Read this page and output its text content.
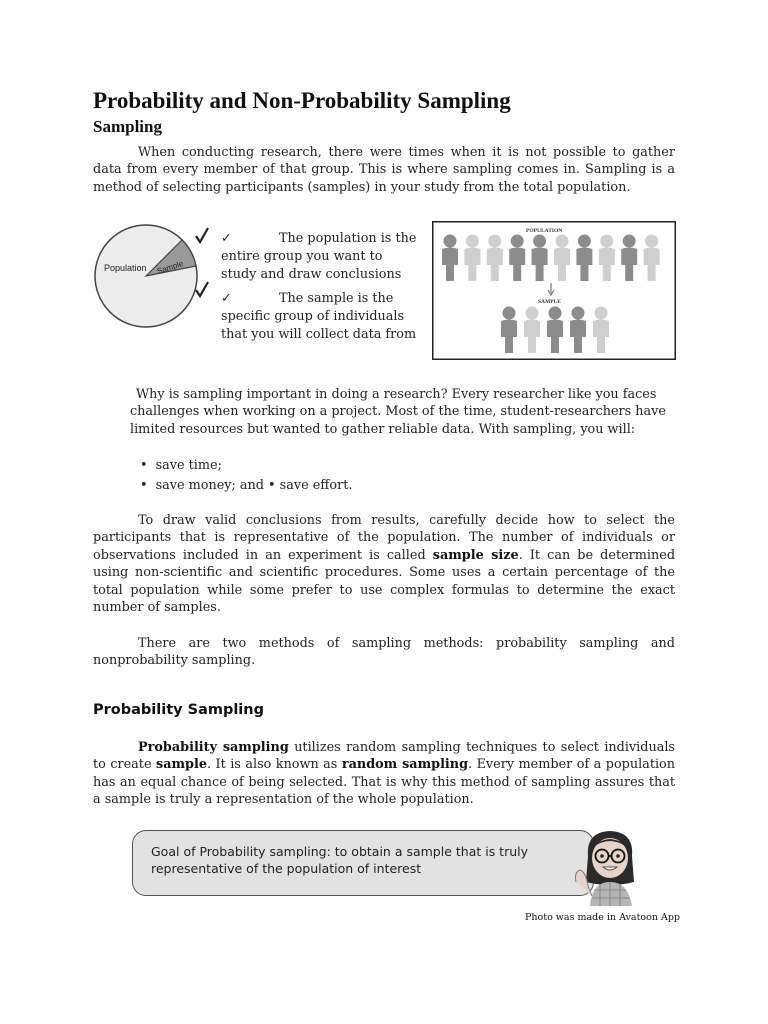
Probability and Non-Probability Sampling
Sampling

When conducting research, there were times when it is not possible to gather data from every member of that group. This is where sampling comes in. Sampling is a method of selecting participants (samples) in your study from the total population.

Population Sample

✓	The population is the entire group you want to study and draw conclusions

✓	The sample is the specific group of individuals that you will collect data from

POPULATION
SAMPLE

Why is sampling important in doing a research? Every researcher like you faces challenges when working on a project. Most of the time, student-researchers have limited resources but wanted to gather reliable data. With sampling, you will:

• save time;
• save money; and • save effort.

To draw valid conclusions from results, carefully decide how to select the participants that is representative of the population. The number of individuals or observations included in an experiment is called sample size. It can be determined using non-scientific and scientific procedures. Some uses a certain percentage of the total population while some prefer to use complex formulas to determine the exact number of samples.

There are two methods of sampling methods: probability sampling and nonprobability sampling.

Probability Sampling

Probability sampling utilizes random sampling techniques to select individuals to create sample. It is also known as random sampling. Every member of a population has an equal chance of being selected. That is why this method of sampling assures that a sample is truly a representation of the whole population.

Goal of Probability sampling: to obtain a sample that is truly representative of the population of interest

Photo was made in Avatoon App
